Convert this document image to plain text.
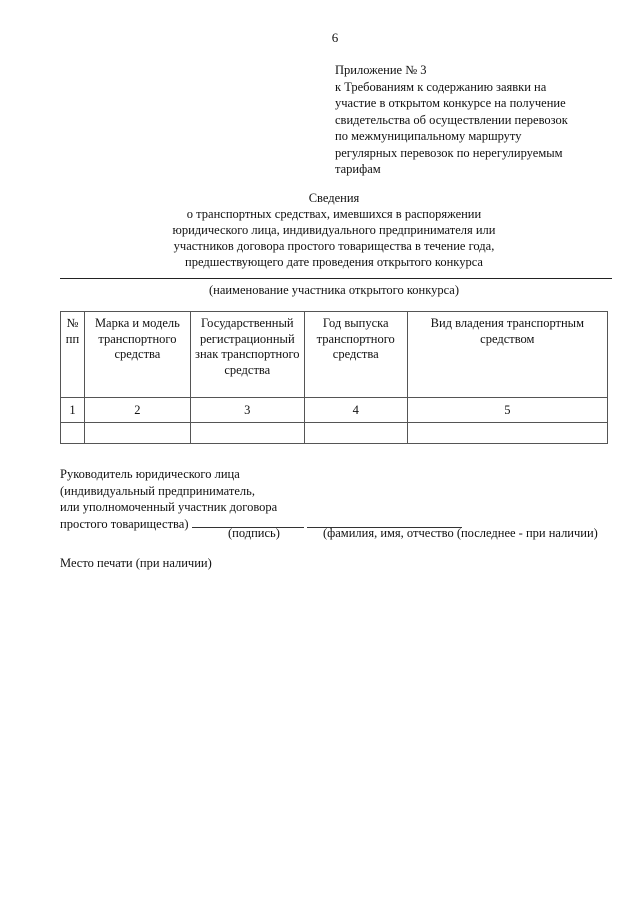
6
Приложение № 3
к Требованиям к содержанию заявки на
участие в открытом конкурсе на получение
свидетельства об осуществлении перевозок
по межмуниципальному маршруту
регулярных перевозок по нерегулируемым
тарифам
Сведения
о транспортных средствах, имевшихся в распоряжении
юридического лица, индивидуального предпринимателя или
участников договора простого товарищества в течение года,
предшествующего дате проведения открытого конкурса
(наименование участника открытого конкурса)
№ пп	Марка и модель транспортного средства	Государственный регистрационный знак транспортного средства	Год выпуска транспортного средства	Вид владения транспортным средством
1	2	3	4	5

Руководитель юридического лица
(индивидуальный предприниматель,
или уполномоченный участник договора
простого товарищества)
(подпись)	(фамилия, имя, отчество (последнее - при наличии)
Место печати (при наличии)
